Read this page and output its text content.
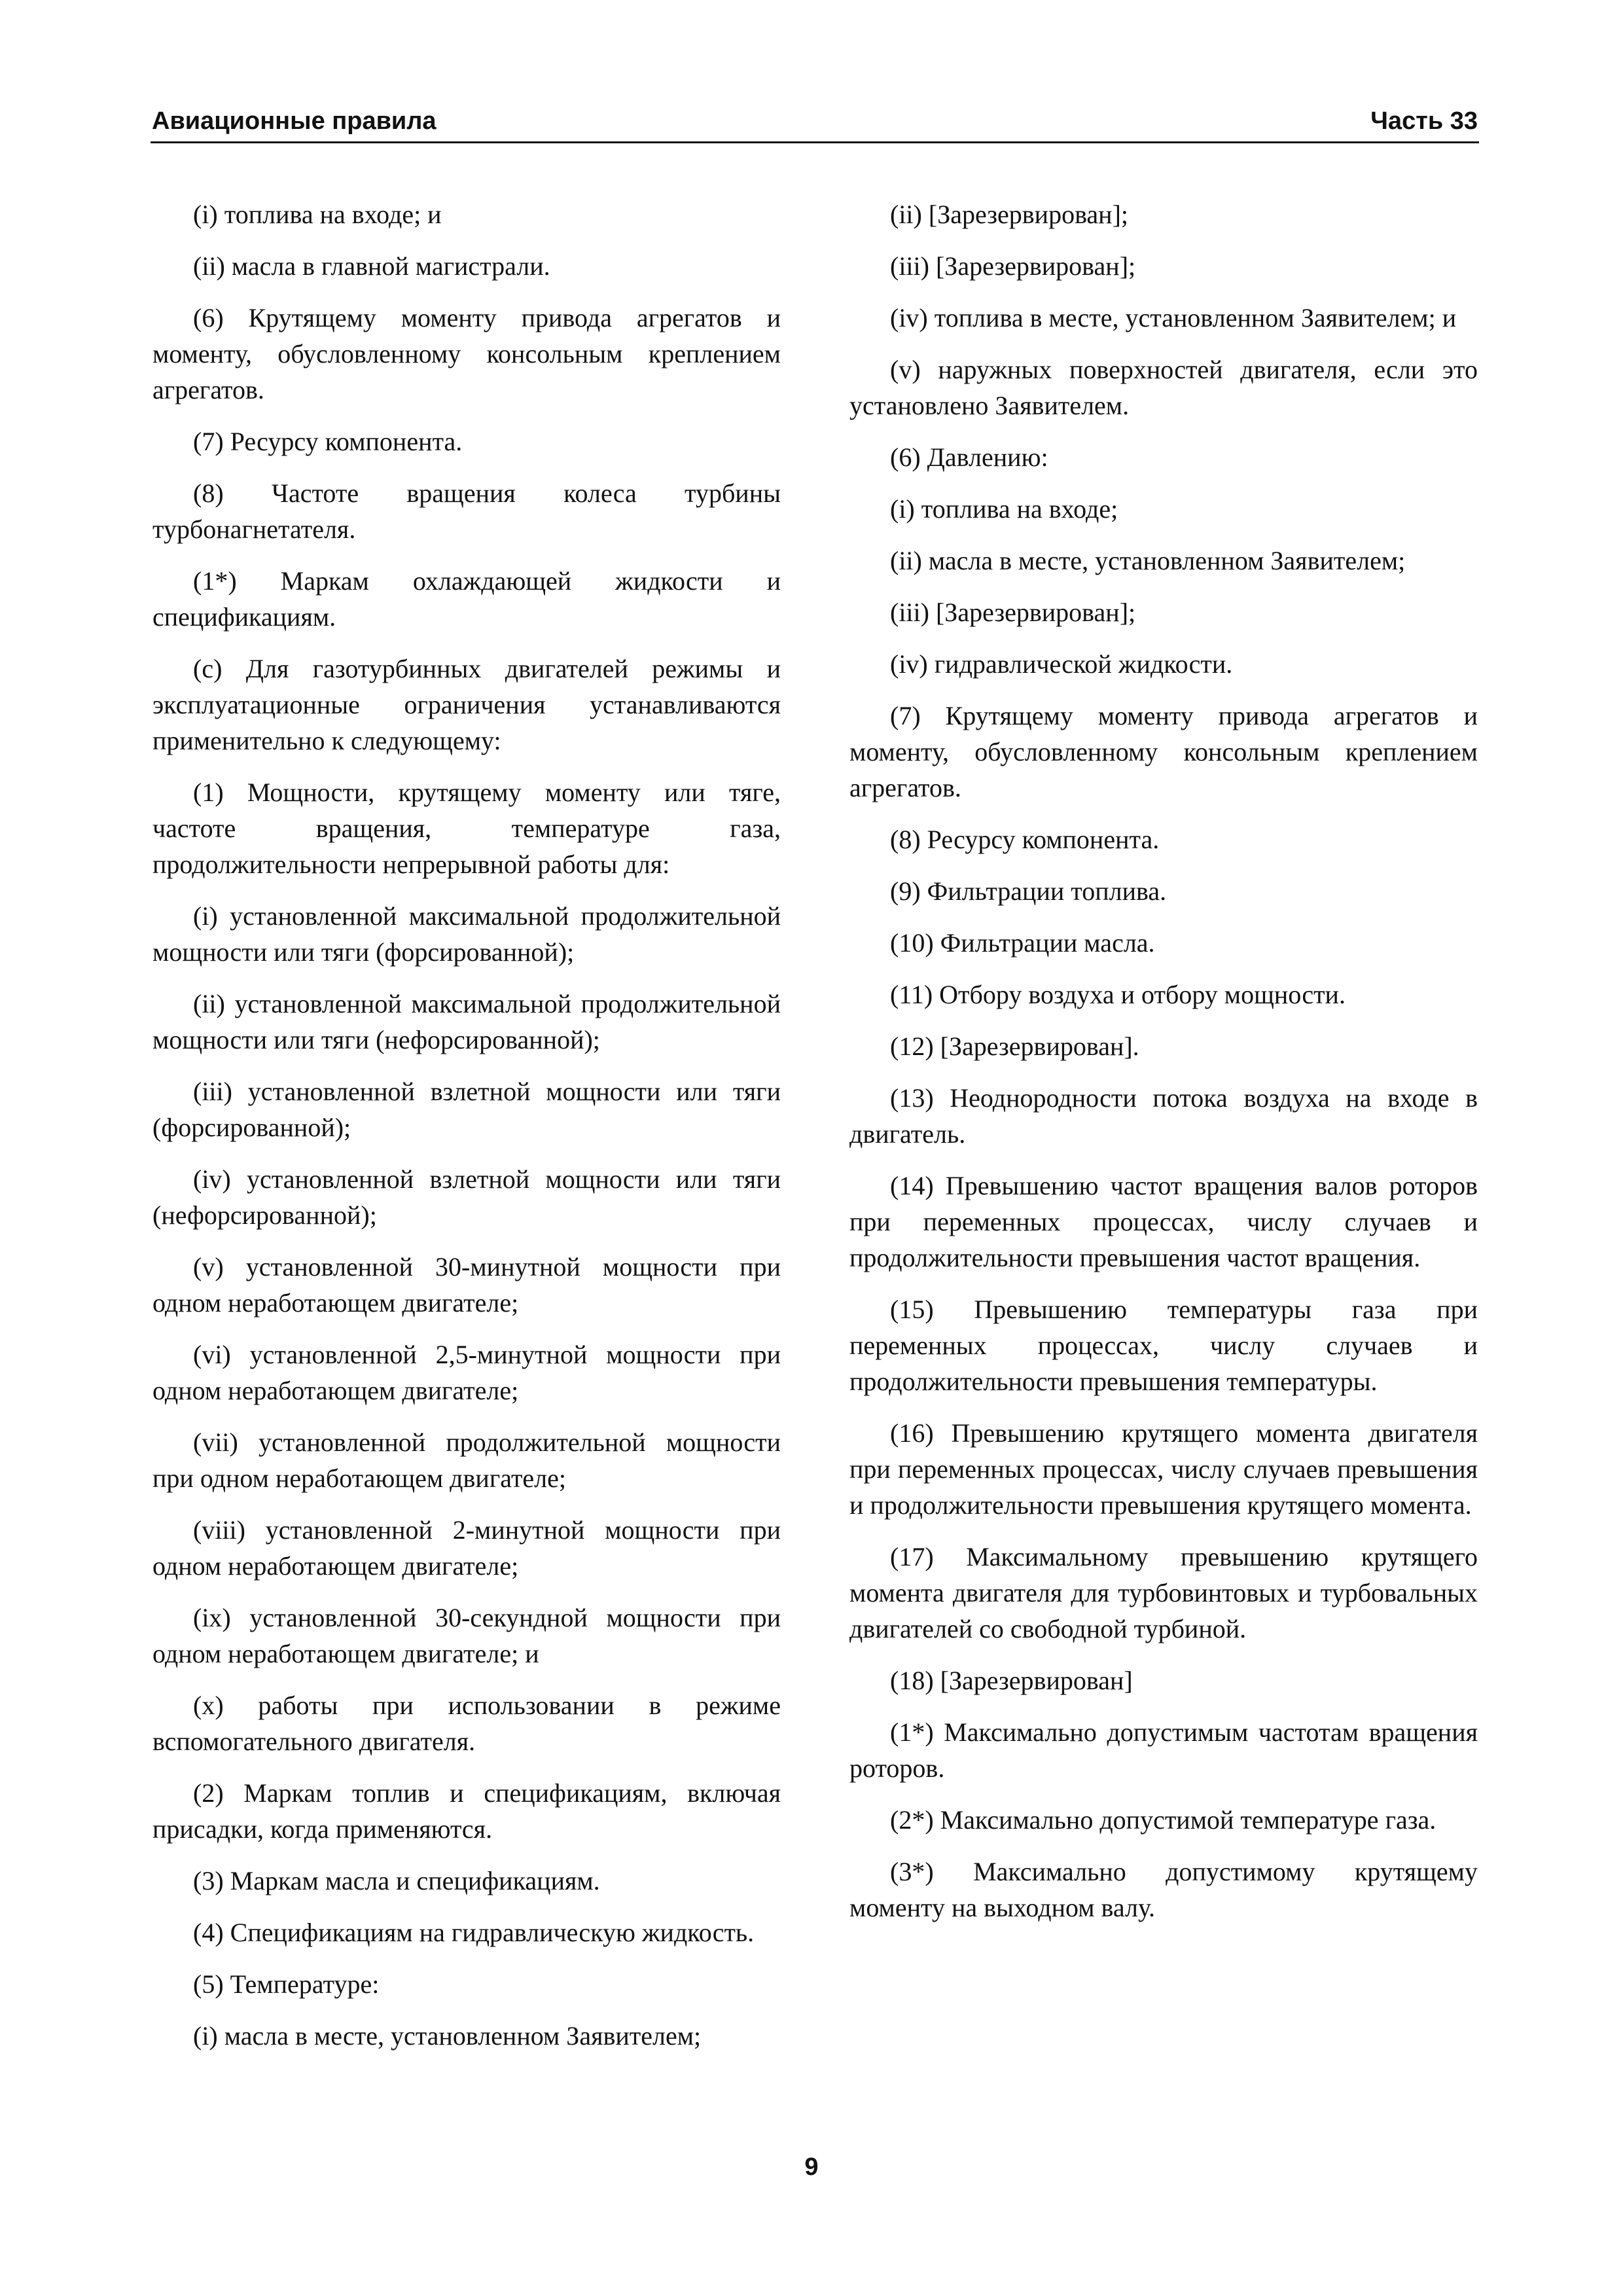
Авиационные правила	Часть 33

(i) топлива на входе; и

(ii) масла в главной магистрали.

(6) Крутящему моменту привода агрегатов и моменту, обусловленному консольным креплением агрегатов.

(7) Ресурсу компонента.

(8) Частоте вращения колеса турбины турбонагнетателя.

(1*) Маркам охлаждающей жидкости и спецификациям.

(c) Для газотурбинных двигателей режимы и эксплуатационные ограничения устанавливаются применительно к следующему:

(1) Мощности, крутящему моменту или тяге, частоте вращения, температуре газа, продолжительности непрерывной работы для:

(i) установленной максимальной продолжительной мощности или тяги (форсированной);

(ii) установленной максимальной продолжительной мощности или тяги (нефорсированной);

(iii) установленной взлетной мощности или тяги (форсированной);

(iv) установленной взлетной мощности или тяги (нефорсированной);

(v) установленной 30-минутной мощности при одном неработающем двигателе;

(vi) установленной 2,5-минутной мощности при одном неработающем двигателе;

(vii) установленной продолжительной мощности при одном неработающем двигателе;

(viii) установленной 2-минутной мощности при одном неработающем двигателе;

(ix) установленной 30-секундной мощности при одном неработающем двигателе; и

(x) работы при использовании в режиме вспомогательного двигателя.

(2) Маркам топлив и спецификациям, включая присадки, когда применяются.

(3) Маркам масла и спецификациям.

(4) Спецификациям на гидравлическую жидкость.

(5) Температуре:

(i) масла в месте, установленном Заявителем;

(ii) [Зарезервирован];

(iii) [Зарезервирован];

(iv) топлива в месте, установленном Заявителем; и

(v) наружных поверхностей двигателя, если это установлено Заявителем.

(6) Давлению:

(i) топлива на входе;

(ii) масла в месте, установленном Заявителем;

(iii) [Зарезервирован];

(iv) гидравлической жидкости.

(7) Крутящему моменту привода агрегатов и моменту, обусловленному консольным креплением агрегатов.

(8) Ресурсу компонента.

(9) Фильтрации топлива.

(10) Фильтрации масла.

(11) Отбору воздуха и отбору мощности.

(12) [Зарезервирован].

(13) Неоднородности потока воздуха на входе в двигатель.

(14) Превышению частот вращения валов роторов при переменных процессах, числу случаев и продолжительности превышения частот вращения.

(15) Превышению температуры газа при переменных процессах, числу случаев и продолжительности превышения температуры.

(16) Превышению крутящего момента двигателя при переменных процессах, числу случаев превышения и продолжительности превышения крутящего момента.

(17) Максимальному превышению крутящего момента двигателя для турбовинтовых и турбовальных двигателей со свободной турбиной.

(18) [Зарезервирован]

(1*) Максимально допустимым частотам вращения роторов.

(2*) Максимально допустимой температуре газа.

(3*) Максимально допустимому крутящему моменту на выходном валу.

9
